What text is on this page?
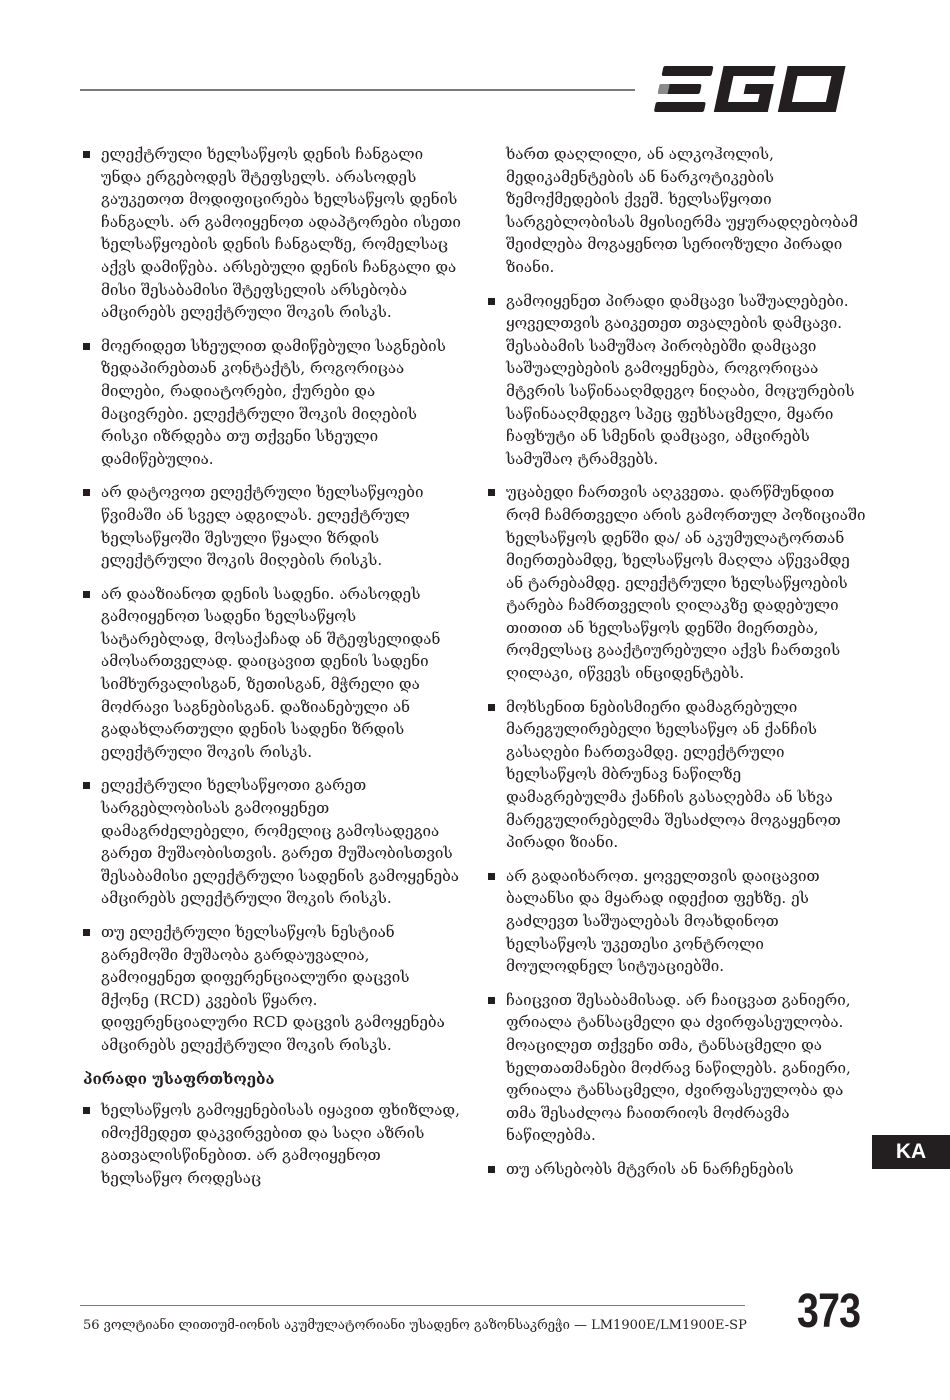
ელექტრული ხელსაწყოს დენის ჩანგალი უნდა ერგებოდეს შტეფსელს. არასოდეს გაუკეთოთ მოდიფიცირება ხელსაწყოს დენის ჩანგალს. არ გამოიყენოთ ადაპტორები ისეთი ხელსაწყოების დენის ჩანგალზე, რომელსაც აქვს დამიწება. არსებული დენის ჩანგალი და მისი შესაბამისი შტეფსელის არსებობა ამცირებს ელექტრული შოკის რისკს.
მოერიდეთ სხეულით დამიწებული საგნების ზედაპირებთან კონტაქტს, როგორიცაა მილები, რადიატორები, ქურები და მაცივრები. ელექტრული შოკის მიღების რისკი იზრდება თუ თქვენი სხეული დამიწებულია.
არ დატოვოთ ელექტრული ხელსაწყოები წვიმაში ან სველ ადგილას. ელექტრულ ხელსაწყოში შესული წყალი ზრდის ელექტრული შოკის მიღების რისკს.
არ დააზიანოთ დენის სადენი. არასოდეს გამოიყენოთ სადენი ხელსაწყოს სატარებლად, მოსაქაჩად ან შტეფსელიდან ამოსართველად. დაიცავით დენის სადენი სიმხურვალისგან, ზეთისგან, მჭრელი და მოძრავი საგნებისგან. დაზიანებული ან გადახლართული დენის სადენი ზრდის ელექტრული შოკის რისკს.
ელექტრული ხელსაწყოთი გარეთ სარგებლობისას გამოიყენეთ დამაგრძელებელი, რომელიც გამოსადეგია გარეთ მუშაობისთვის. გარეთ მუშაობისთვის შესაბამისი ელექტრული სადენის გამოყენება ამცირებს ელექტრული შოკის რისკს.
თუ ელექტრული ხელსაწყოს ნესტიან გარემოში მუშაობა გარდაუვალია, გამოიყენეთ დიფერენციალური დაცვის მქონე (RCD) კვების წყარო. დიფერენციალური RCD დაცვის გამოყენება ამცირებს ელექტრული შოკის რისკს.
პირადი უსაფრთხოება
ხელსაწყოს გამოყენებისას იყავით ფხიზლად, იმოქმედეთ დაკვირვებით და საღი აზრის გათვალისწინებით. არ გამოიყენოთ ხელსაწყო როდესაც
ხართ დაღლილი, ან ალკოჰოლის, მედიკამენტების ან ნარკოტიკების ზემოქმედების ქვეშ. ხელსაწყოთი სარგებლობისას მყისიერმა უყურადღებობამ შეიძლება მოგაყენოთ სერიოზული პირადი ზიანი.
გამოიყენეთ პირადი დამცავი საშუალებები. ყოველთვის გაიკეთეთ თვალების დამცავი. შესაბამის სამუშაო პირობებში დამცავი საშუალებების გამოყენება, როგორიცაა მტვრის საწინააღმდეგო ნიღაბი, მოცურების საწინააღმდეგო სპეც ფეხსაცმელი, მყარი ჩაფხუტი ან სმენის დამცავი, ამცირებს სამუშაო ტრამვებს.
უცაბედი ჩართვის აღკვეთა. დარწმუნდით რომ ჩამრთველი არის გამორთულ პოზიციაში ხელსაწყოს დენში და/ ან აკუმულატორთან მიერთებამდე, ხელსაწყოს მაღლა აწევამდე ან ტარებამდე. ელექტრული ხელსაწყოების ტარება ჩამრთველის ღილაკზე დადებული თითით ან ხელსაწყოს დენში მიერთება, რომელსაც გააქტიურებული აქვს ჩართვის ღილაკი, იწვევს ინციდენტებს.
მოხსენით ნებისმიერი დამაგრებული მარეგულირებელი ხელსაწყო ან ქანჩის გასაღები ჩართვამდე. ელექტრული ხელსაწყოს მბრუნავ ნაწილზე დამაგრებულმა ქანჩის გასაღებმა ან სხვა მარეგულირებელმა შესაძლოა მოგაყენოთ პირადი ზიანი.
არ გადაიხაროთ. ყოველთვის დაიცავით ბალანსი და მყარად იდექით ფეხზე. ეს გაძლევთ საშუალებას მოახდინოთ ხელსაწყოს უკეთესი კონტროლი მოულოდნელ სიტუაციებში.
ჩაიცვით შესაბამისად. არ ჩაიცვათ განიერი, ფრიალა ტანსაცმელი და ძვირფასეულობა. მოაცილეთ თქვენი თმა, ტანსაცმელი და ხელთათმანები მოძრავ ნაწილებს. განიერი, ფრიალა ტანსაცმელი, ძვირფასეულობა და თმა შესაძლოა ჩაითრიოს მოძრავმა ნაწილებმა.
თუ არსებობს მტვრის ან ნარჩენების
KA
56 ვოლტიანი ლითიუმ-იონის აკუმულატორიანი უსადენო გაზონსაკრეჭი — LM1900E/LM1900E-SP 373
